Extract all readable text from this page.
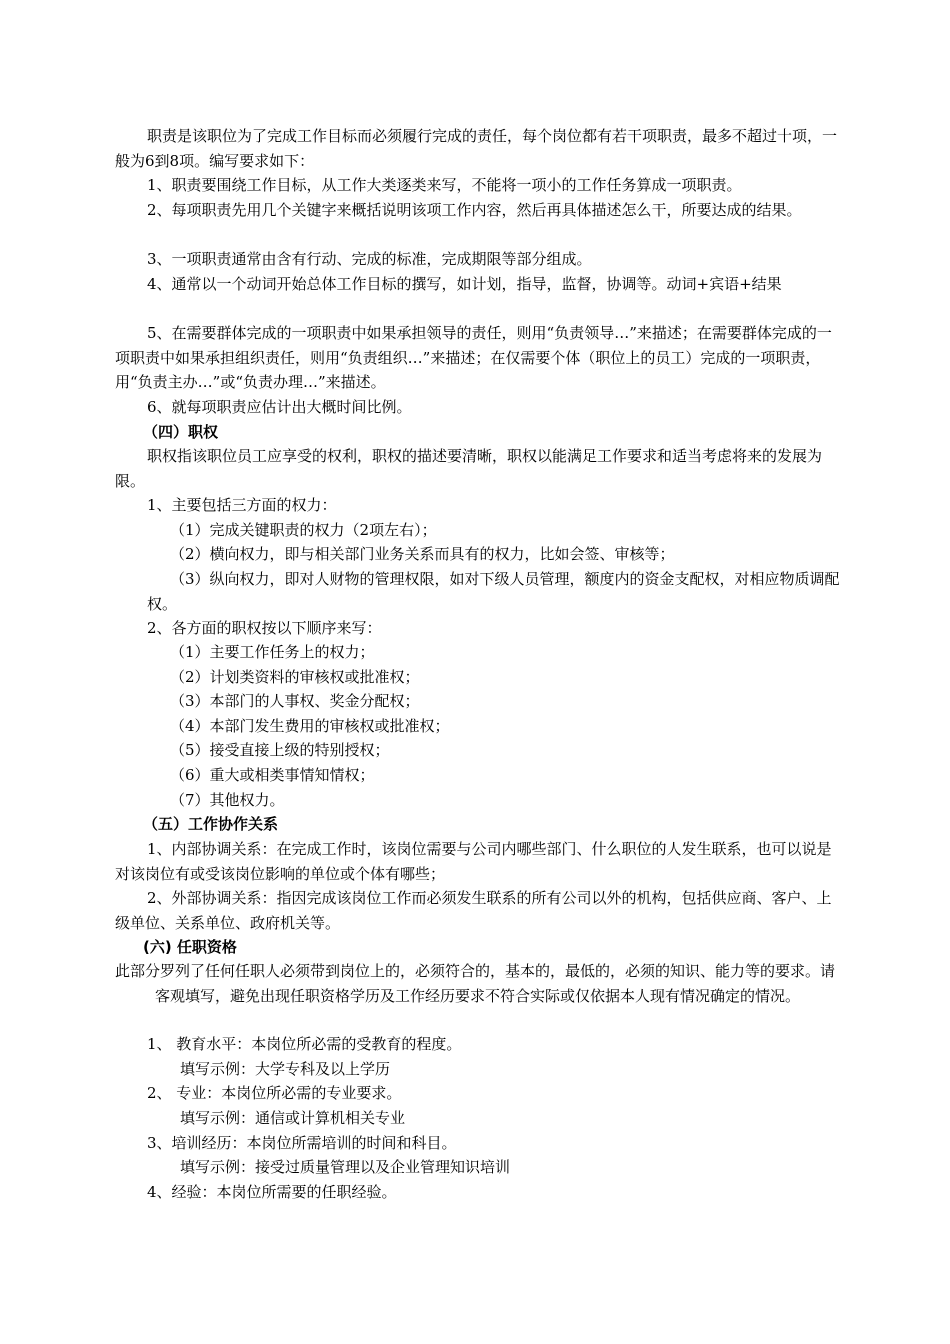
职责是该职位为了完成工作目标而必须履行完成的责任，每个岗位都有若干项职责，最多不超过十项，一般为6到8项。编写要求如下：

1、职责要围绕工作目标，从工作大类逐类来写，不能将一项小的工作任务算成一项职责。

2、每项职责先用几个关键字来概括说明该项工作内容，然后再具体描述怎么干，所要达成的结果。

3、一项职责通常由含有行动、完成的标准，完成期限等部分组成。

4、通常以一个动词开始总体工作目标的撰写，如计划，指导，监督，协调等。动词+宾语+结果

5、在需要群体完成的一项职责中如果承担领导的责任，则用“负责领导…”来描述；在需要群体完成的一项职责中如果承担组织责任，则用“负责组织…”来描述；在仅需要个体（职位上的员工）完成的一项职责，用“负责主办…”或“负责办理…”来描述。

6、就每项职责应估计出大概时间比例。

（四）职权

职权指该职位员工应享受的权利，职权的描述要清晰，职权以能满足工作要求和适当考虑将来的发展为限。

1、主要包括三方面的权力：

（1）完成关键职责的权力（2项左右）；

（2）横向权力，即与相关部门业务关系而具有的权力，比如会签、审核等；

（3）纵向权力，即对人财物的管理权限，如对下级人员管理，额度内的资金支配权，对相应物质调配权。

2、各方面的职权按以下顺序来写：

（1）主要工作任务上的权力；

（2）计划类资料的审核权或批准权；

（3）本部门的人事权、奖金分配权；

（4）本部门发生费用的审核权或批准权；

（5）接受直接上级的特别授权；

（6）重大或相类事情知情权；

（7）其他权力。

（五）工作协作关系

1、内部协调关系：在完成工作时，该岗位需要与公司内哪些部门、什么职位的人发生联系，也可以说是对该岗位有或受该岗位影响的单位或个体有哪些；

2、外部协调关系：指因完成该岗位工作而必须发生联系的所有公司以外的机构，包括供应商、客户、上级单位、关系单位、政府机关等。

(六) 任职资格

此部分罗列了任何任职人必须带到岗位上的，必须符合的，基本的，最低的，必须的知识、能力等的要求。请客观填写，避免出现任职资格学历及工作经历要求不符合实际或仅依据本人现有情况确定的情况。

1、 教育水平：本岗位所必需的受教育的程度。

填写示例：大学专科及以上学历

2、 专业：本岗位所必需的专业要求。

填写示例：通信或计算机相关专业

3、培训经历：本岗位所需培训的时间和科目。

填写示例：接受过质量管理以及企业管理知识培训

4、经验：本岗位所需要的任职经验。
